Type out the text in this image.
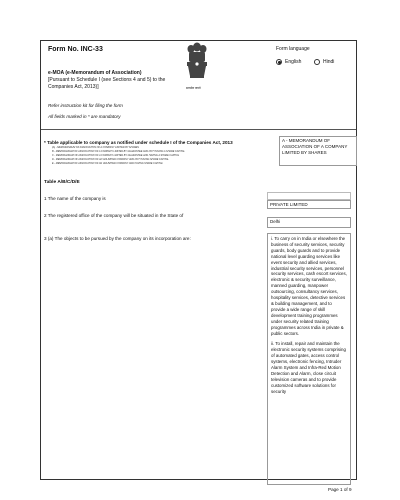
Form No. INC-33
सत्यमेव जयते
Form language
English	Hindi
e-MOA (e-Memorandum of Association)
[Pursuant to Schedule I (see Sections 4 and 5) to the Companies Act, 2013)]
Refer instruction kit for filing the form
All fields marked in * are mandatory
* Table applicable to company as notified under schedule I of the Companies Act, 2013
(A) - MEMORANDUM OF ASSOCIATION OF A COMPANY LIMITED BY SHARES
B - MEMORANDUM OF ASSOCIATION OF A COMPANY LIMITED BY GUARANTEE AND NOT HAVING A SHARE CAPITAL
C - MEMORANDUM OF ASSOCIATION OF A COMPANY LIMITED BY GUARANTEE AND HAVING A SHARE CAPITAL
D - MEMORANDUM OF ASSOCIATION OF AN UNLIMITED COMPANY AND NOT HAVING SHARE CAPITAL
E - MEMORANDUM OF ASSOCIATION OF AN UNLIMITED COMPANY AND HAVING SHARE CAPITAL
A - MEMORANDUM OF ASSOCIATION OF A COMPANY LIMITED BY SHARES
Table A/B/C/D/E
1 The name of the company is
PRIVATE LIMITED
2 The registered office of the company will be situated in the State of
Delhi
3 (a) The objects to be pursued by the company on its incorporation are:	i. To carry on in India or elsewhere the business of security services, security guards, body guards and to provide national level guarding services like event security and allied services, industrial security services, personnel security services, cash escort services, electronic & security surveillance, manned guarding, manpower outsourcing, consultancy services, hospitality services, detective services & building management, and to provide a wide range of skill development training programmes under security related training programmes across India in private & public sectors.

ii. To install, repair and maintain the electronic security systems comprising of automated gates, access control systems, electronic fencing, Intruder Alarm System and Infra-Red Motion Detection and Alarm, close circuit television cameras and to provide customized software solutions for security

Page 1 of 9
